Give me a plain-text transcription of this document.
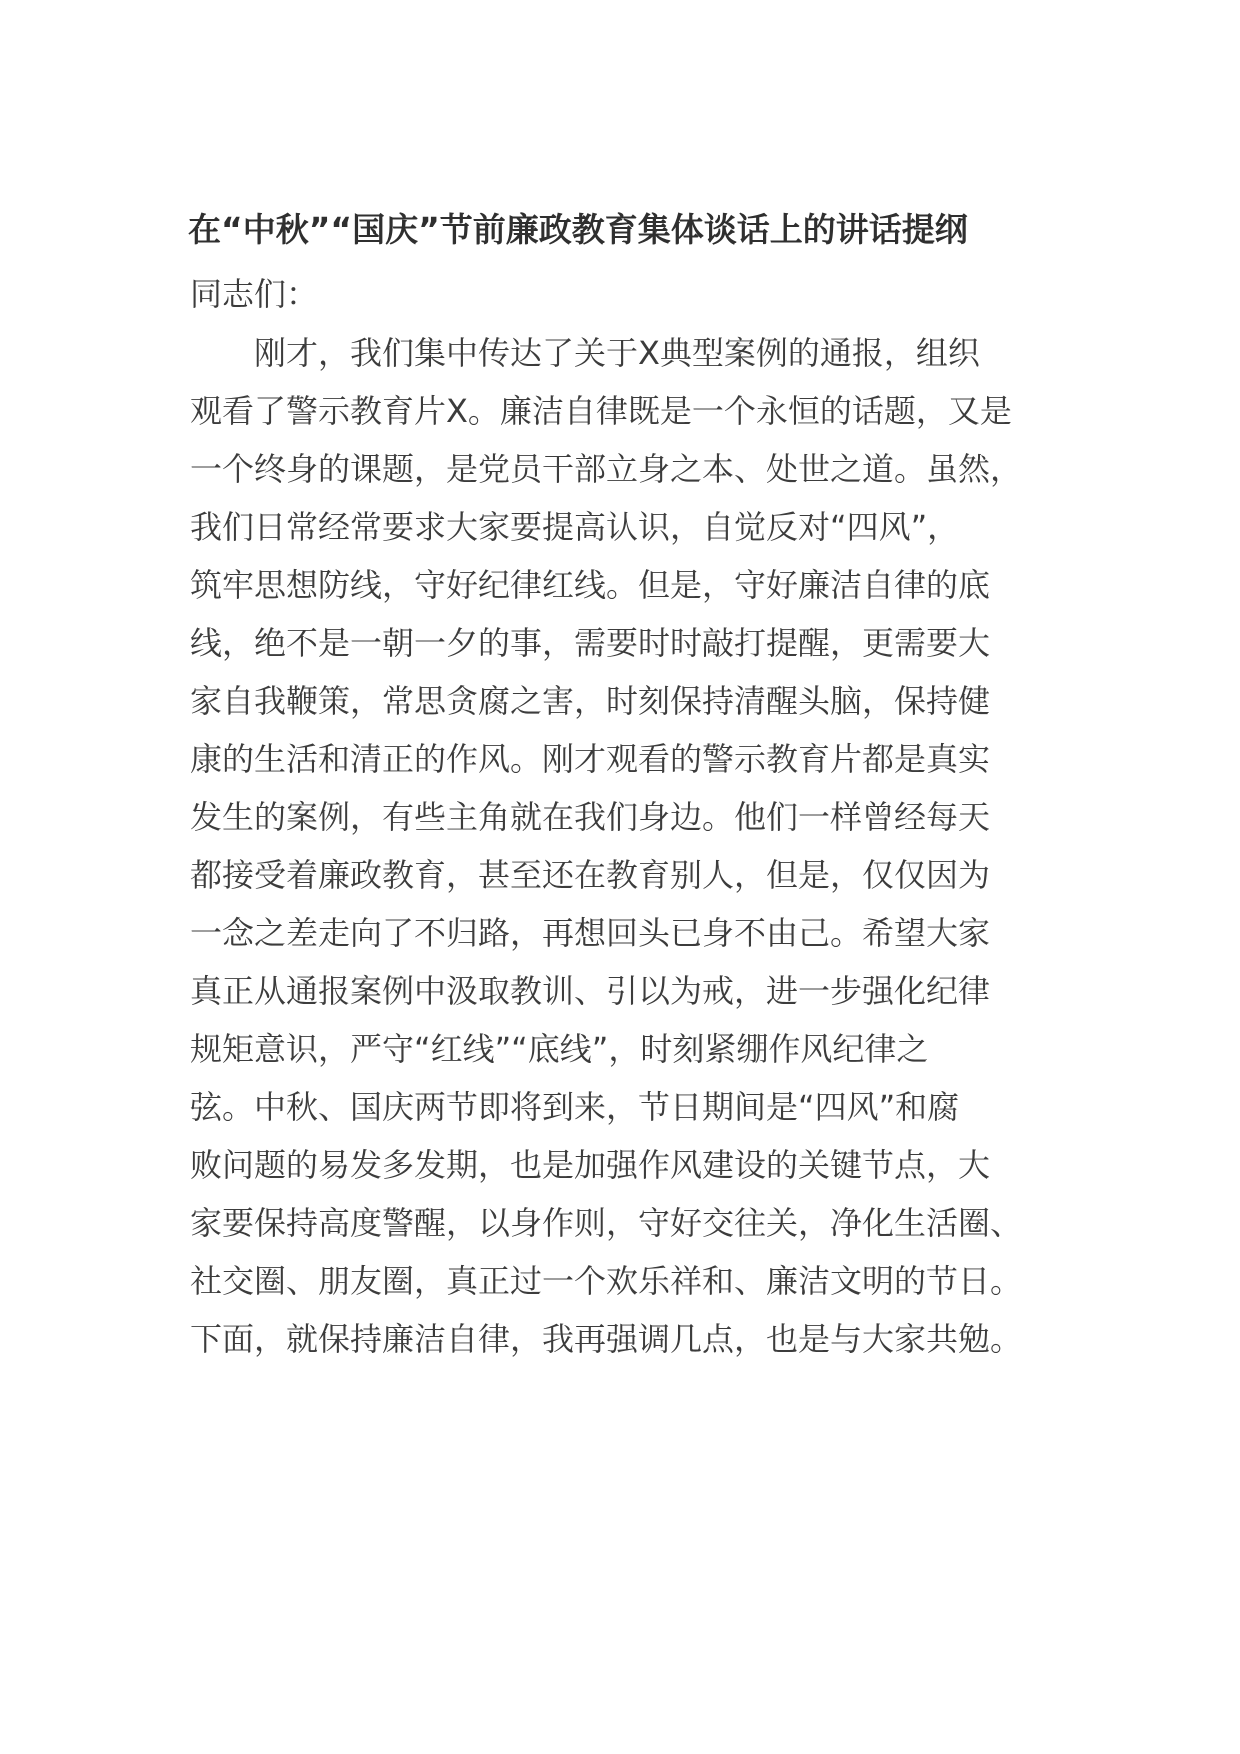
在“中秋”“国庆”节前廉政教育集体谈话上的讲话提纲
同志们：
刚才，我们集中传达了关于X典型案例的通报，组织
观看了警示教育片X。廉洁自律既是一个永恒的话题，又是
一个终身的课题，是党员干部立身之本、处世之道。虽然，
我们日常经常要求大家要提高认识，自觉反对“四风”，
筑牢思想防线，守好纪律红线。但是，守好廉洁自律的底
线，绝不是一朝一夕的事，需要时时敲打提醒，更需要大
家自我鞭策，常思贪腐之害，时刻保持清醒头脑，保持健
康的生活和清正的作风。刚才观看的警示教育片都是真实
发生的案例，有些主角就在我们身边。他们一样曾经每天
都接受着廉政教育，甚至还在教育别人，但是，仅仅因为
一念之差走向了不归路，再想回头已身不由己。希望大家
真正从通报案例中汲取教训、引以为戒，进一步强化纪律
规矩意识，严守“红线”“底线”，时刻紧绷作风纪律之
弦。中秋、国庆两节即将到来，节日期间是“四风”和腐
败问题的易发多发期，也是加强作风建设的关键节点，大
家要保持高度警醒，以身作则，守好交往关，净化生活圈、
社交圈、朋友圈，真正过一个欢乐祥和、廉洁文明的节日。
下面，就保持廉洁自律，我再强调几点，也是与大家共勉。
